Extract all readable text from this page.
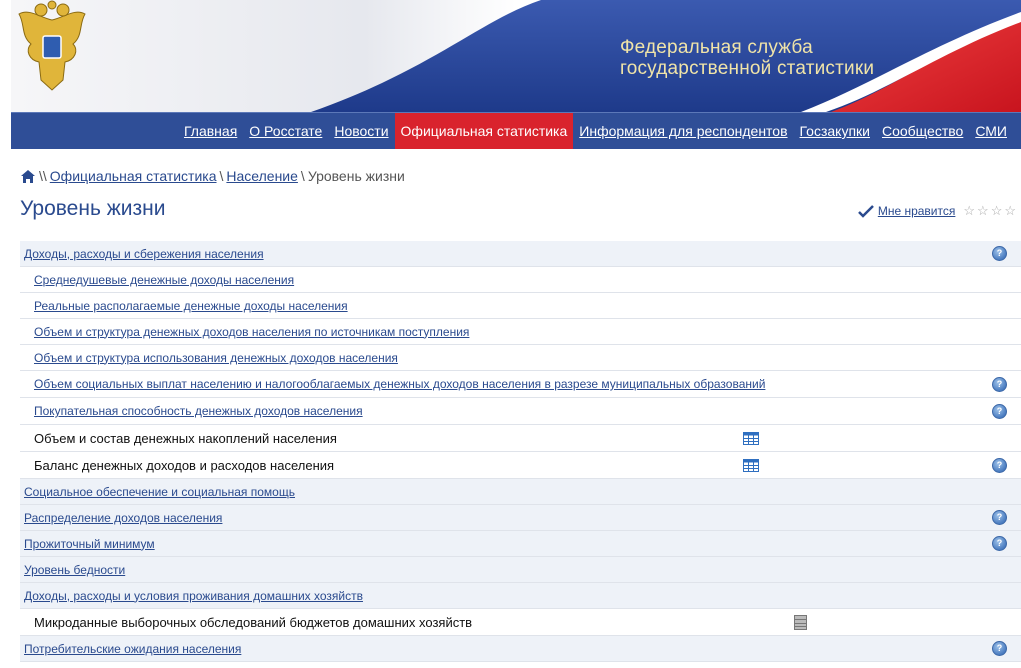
Федеральная служба
государственной статистики
Главная О Росстате Новости Официальная статистика Информация для респондентов Госзакупки Сообщество СМИ
\\ Официальная статистика \ Население \ Уровень жизни
Уровень жизни	Мне нравится ☆ ☆ ☆ ☆
Доходы, расходы и сбережения населения	?
Среднедушевые денежные доходы населения
Реальные располагаемые денежные доходы населения
Объем и структура денежных доходов населения по источникам поступления
Объем и структура использования денежных доходов населения
Объем социальных выплат населению и налогооблагаемых денежных доходов населения в разрезе муниципальных образований	?
Покупательная способность денежных доходов населения	?
Объем и состав денежных накоплений населения
Баланс денежных доходов и расходов населения	?
Социальное обеспечение и социальная помощь
Распределение доходов населения	?
Прожиточный минимум	?
Уровень бедности
Доходы, расходы и условия проживания домашних хозяйств
Микроданные выборочных обследований бюджетов домашних хозяйств
Потребительские ожидания населения	?
